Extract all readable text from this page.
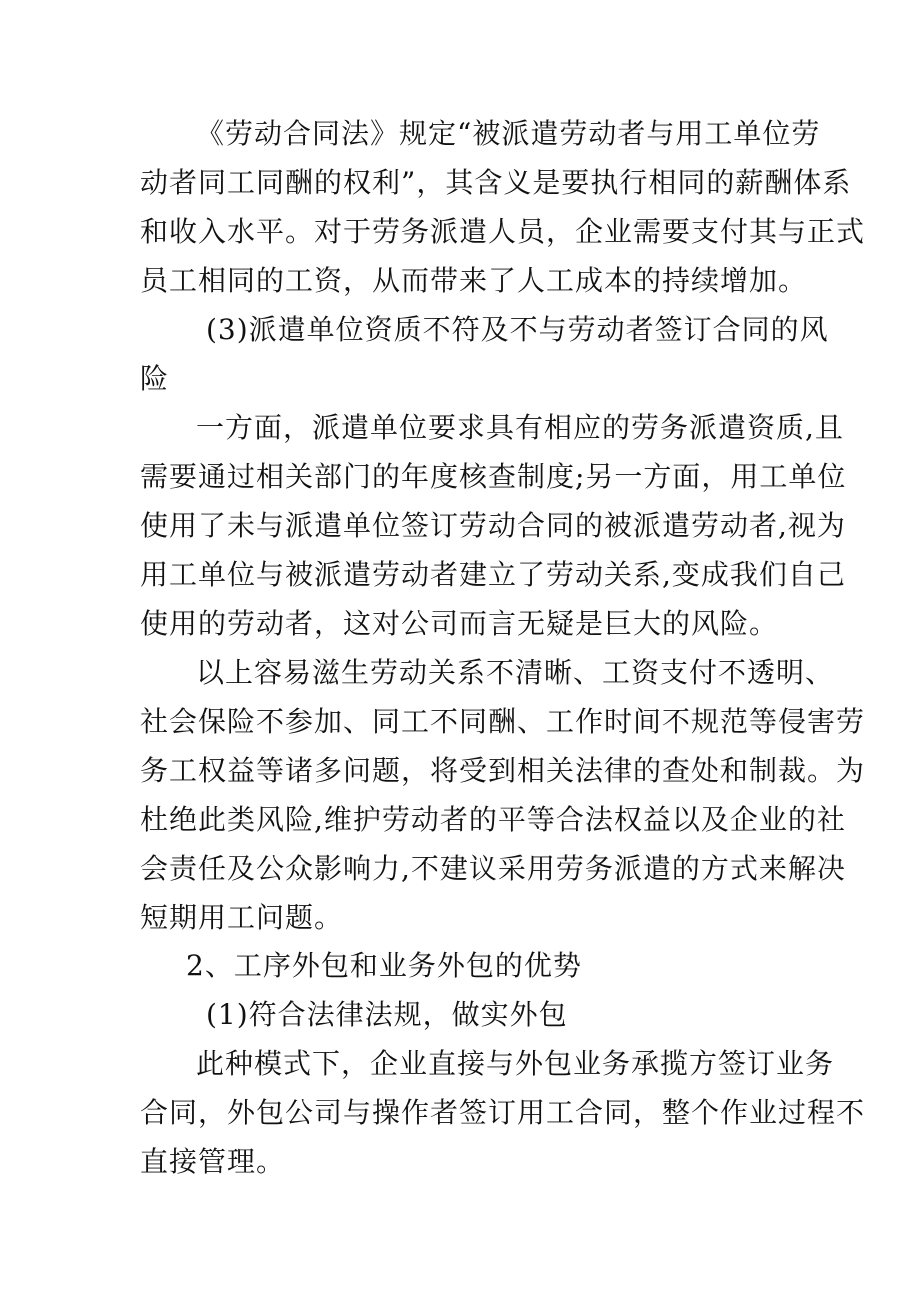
《劳动合同法》规定“被派遣劳动者与用工单位劳
动者同工同酬的权利”，其含义是要执行相同的薪酬体系
和收入水平。对于劳务派遣人员，企业需要支付其与正式
员工相同的工资，从而带来了人工成本的持续增加。
(3)派遣单位资质不符及不与劳动者签订合同的风
险
一方面，派遣单位要求具有相应的劳务派遣资质,且
需要通过相关部门的年度核查制度;另一方面，用工单位
使用了未与派遣单位签订劳动合同的被派遣劳动者,视为
用工单位与被派遣劳动者建立了劳动关系,变成我们自己
使用的劳动者，这对公司而言无疑是巨大的风险。
以上容易滋生劳动关系不清晰、工资支付不透明、
社会保险不参加、同工不同酬、工作时间不规范等侵害劳
务工权益等诸多问题，将受到相关法律的查处和制裁。为
杜绝此类风险,维护劳动者的平等合法权益以及企业的社
会责任及公众影响力,不建议采用劳务派遣的方式来解决
短期用工问题。
2、工序外包和业务外包的优势
(1)符合法律法规，做实外包
此种模式下，企业直接与外包业务承揽方签订业务
合同，外包公司与操作者签订用工合同，整个作业过程不
直接管理。
